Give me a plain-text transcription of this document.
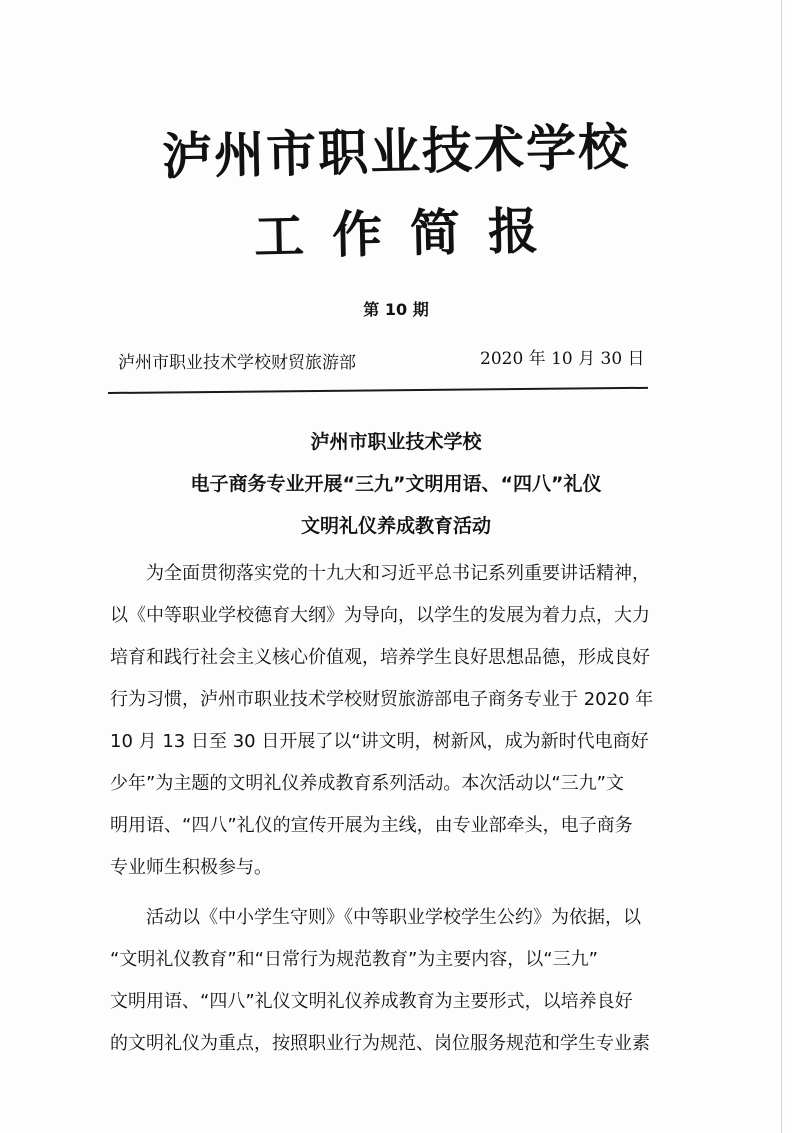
泸州市职业技术学校
工作简报
第 10 期
泸州市职业技术学校财贸旅游部	2020 年 10 月 30 日
泸州市职业技术学校
电子商务专业开展“三九”文明用语、“四八”礼仪
文明礼仪养成教育活动
为全面贯彻落实党的十九大和习近平总书记系列重要讲话精神，
以《中等职业学校德育大纲》为导向，以学生的发展为着力点，大力
培育和践行社会主义核心价值观，培养学生良好思想品德，形成良好
行为习惯，泸州市职业技术学校财贸旅游部电子商务专业于 2020 年
10 月 13 日至 30 日开展了以“讲文明，树新风，成为新时代电商好
少年”为主题的文明礼仪养成教育系列活动。本次活动以“三九”文
明用语、“四八”礼仪的宣传开展为主线，由专业部牵头，电子商务
专业师生积极参与。
活动以《中小学生守则》《中等职业学校学生公约》为依据，以
“文明礼仪教育”和“日常行为规范教育”为主要内容，以“三九”
文明用语、“四八”礼仪文明礼仪养成教育为主要形式，以培养良好
的文明礼仪为重点，按照职业行为规范、岗位服务规范和学生专业素
